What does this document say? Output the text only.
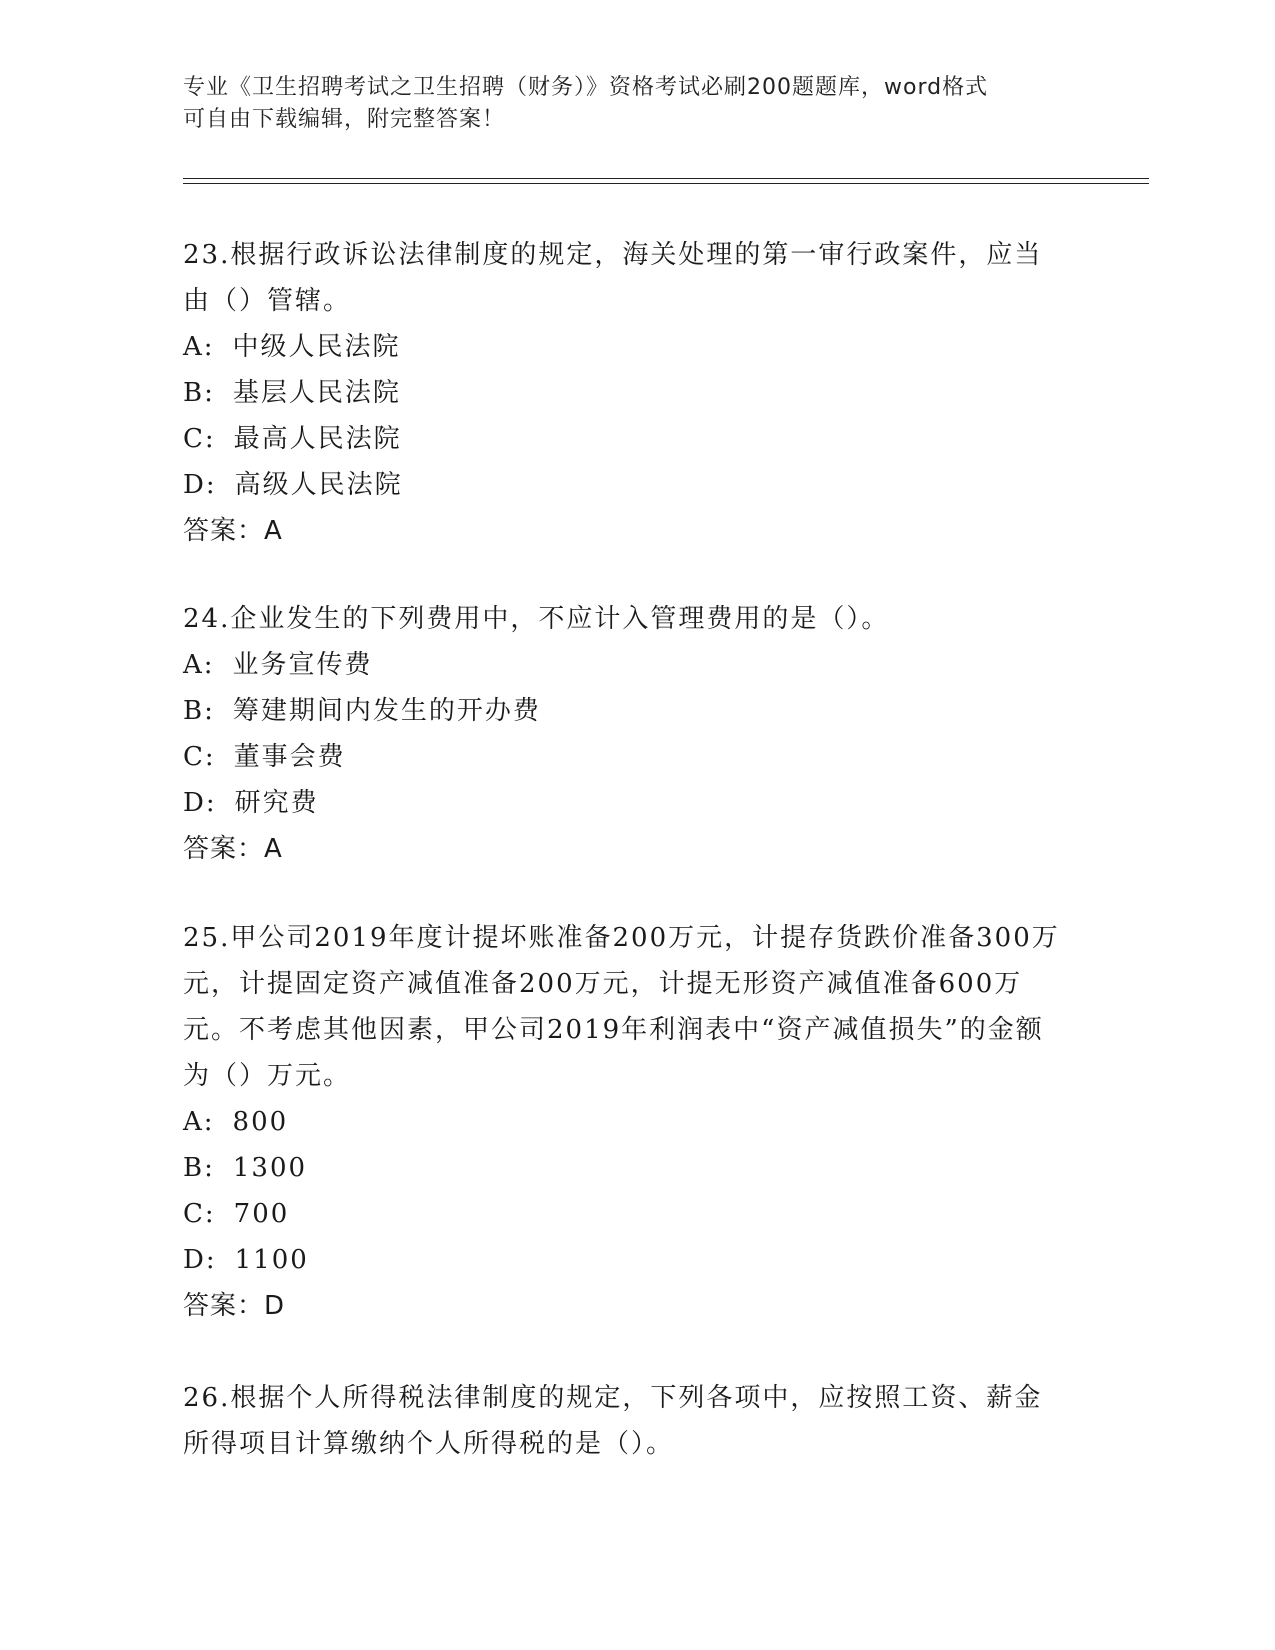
专业《卫生招聘考试之卫生招聘（财务）》资格考试必刷200题题库，word格式
可自由下载编辑，附完整答案！

23.根据行政诉讼法律制度的规定，海关处理的第一审行政案件，应当由（）管辖。

A: 中级人民法院

B: 基层人民法院

C: 最高人民法院

D: 高级人民法院

答案：A

24.企业发生的下列费用中，不应计入管理费用的是（）。

A: 业务宣传费

B: 筹建期间内发生的开办费

C: 董事会费

D: 研究费

答案：A

25.甲公司2019年度计提坏账准备200万元，计提存货跌价准备300万元，计提固定资产减值准备200万元，计提无形资产减值准备600万元。不考虑其他因素，甲公司2019年利润表中“资产减值损失”的金额为（）万元。

A: 800

B: 1300

C: 700

D: 1100

答案：D

26.根据个人所得税法律制度的规定，下列各项中，应按照工资、薪金所得项目计算缴纳个人所得税的是（）。
